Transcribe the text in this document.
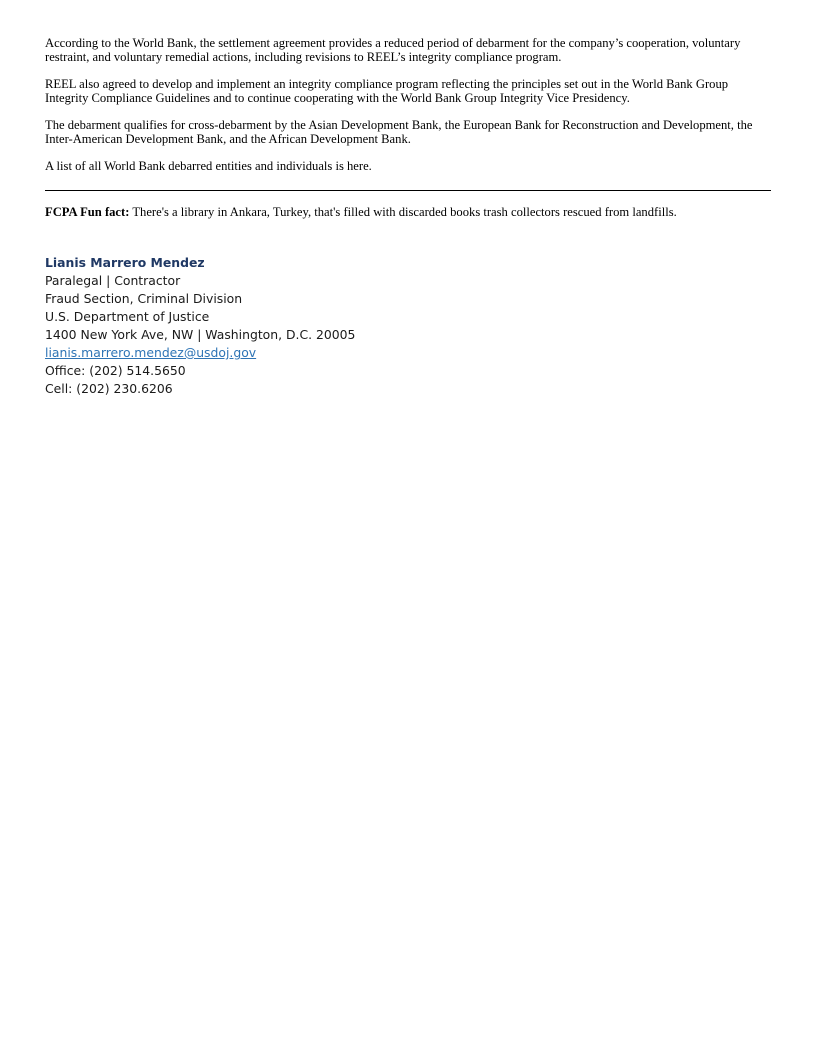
According to the World Bank, the settlement agreement provides a reduced period of debarment for the company’s cooperation, voluntary restraint, and voluntary remedial actions, including revisions to REEL’s integrity compliance program.

REEL also agreed to develop and implement an integrity compliance program reflecting the principles set out in the World Bank Group Integrity Compliance Guidelines and to continue cooperating with the World Bank Group Integrity Vice Presidency.

The debarment qualifies for cross-debarment by the Asian Development Bank, the European Bank for Reconstruction and Development, the Inter-American Development Bank, and the African Development Bank.

A list of all World Bank debarred entities and individuals is here.

FCPA Fun fact: There's a library in Ankara, Turkey, that's filled with discarded books trash collectors rescued from landfills.

Lianis Marrero Mendez
Paralegal | Contractor
Fraud Section, Criminal Division
U.S. Department of Justice
1400 New York Ave, NW | Washington, D.C. 20005
lianis.marrero.mendez@usdoj.gov
Office: (202) 514.5650
Cell: (202) 230.6206
